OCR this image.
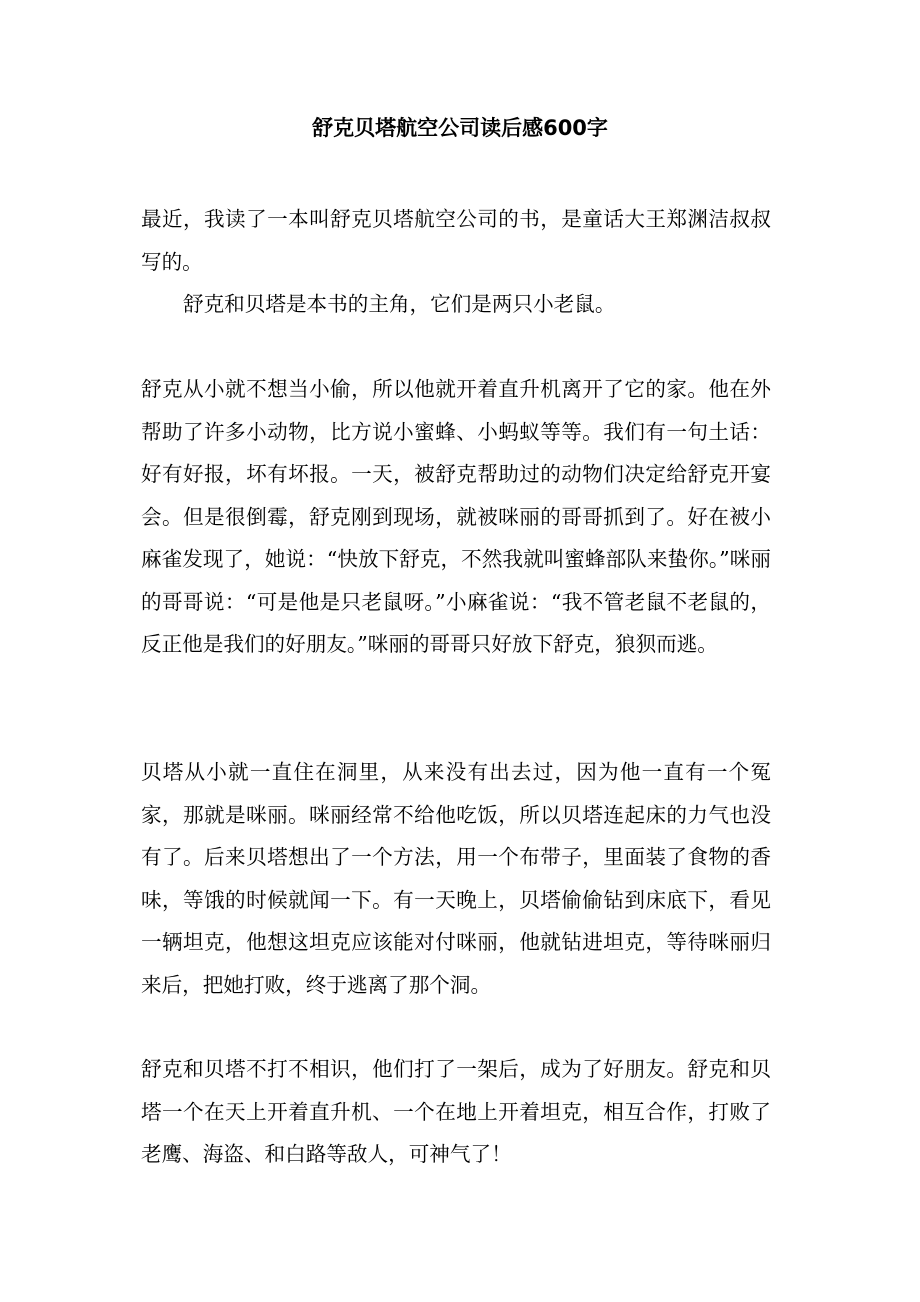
舒克贝塔航空公司读后感600字

最近，我读了一本叫舒克贝塔航空公司的书，是童话大王郑渊洁叔叔写的。

舒克和贝塔是本书的主角，它们是两只小老鼠。

舒克从小就不想当小偷，所以他就开着直升机离开了它的家。他在外帮助了许多小动物，比方说小蜜蜂、小蚂蚁等等。我们有一句土话：好有好报，坏有坏报。一天，被舒克帮助过的动物们决定给舒克开宴会。但是很倒霉，舒克刚到现场，就被咪丽的哥哥抓到了。好在被小麻雀发现了，她说：“快放下舒克，不然我就叫蜜蜂部队来蛰你。”咪丽的哥哥说：“可是他是只老鼠呀。”小麻雀说：“我不管老鼠不老鼠的，反正他是我们的好朋友。”咪丽的哥哥只好放下舒克，狼狈而逃。

贝塔从小就一直住在洞里，从来没有出去过，因为他一直有一个冤家，那就是咪丽。咪丽经常不给他吃饭，所以贝塔连起床的力气也没有了。后来贝塔想出了一个方法，用一个布带子，里面装了食物的香味，等饿的时候就闻一下。有一天晚上，贝塔偷偷钻到床底下，看见一辆坦克，他想这坦克应该能对付咪丽，他就钻进坦克，等待咪丽归来后，把她打败，终于逃离了那个洞。

舒克和贝塔不打不相识，他们打了一架后，成为了好朋友。舒克和贝塔一个在天上开着直升机、一个在地上开着坦克，相互合作，打败了老鹰、海盗、和白路等敌人，可神气了！
